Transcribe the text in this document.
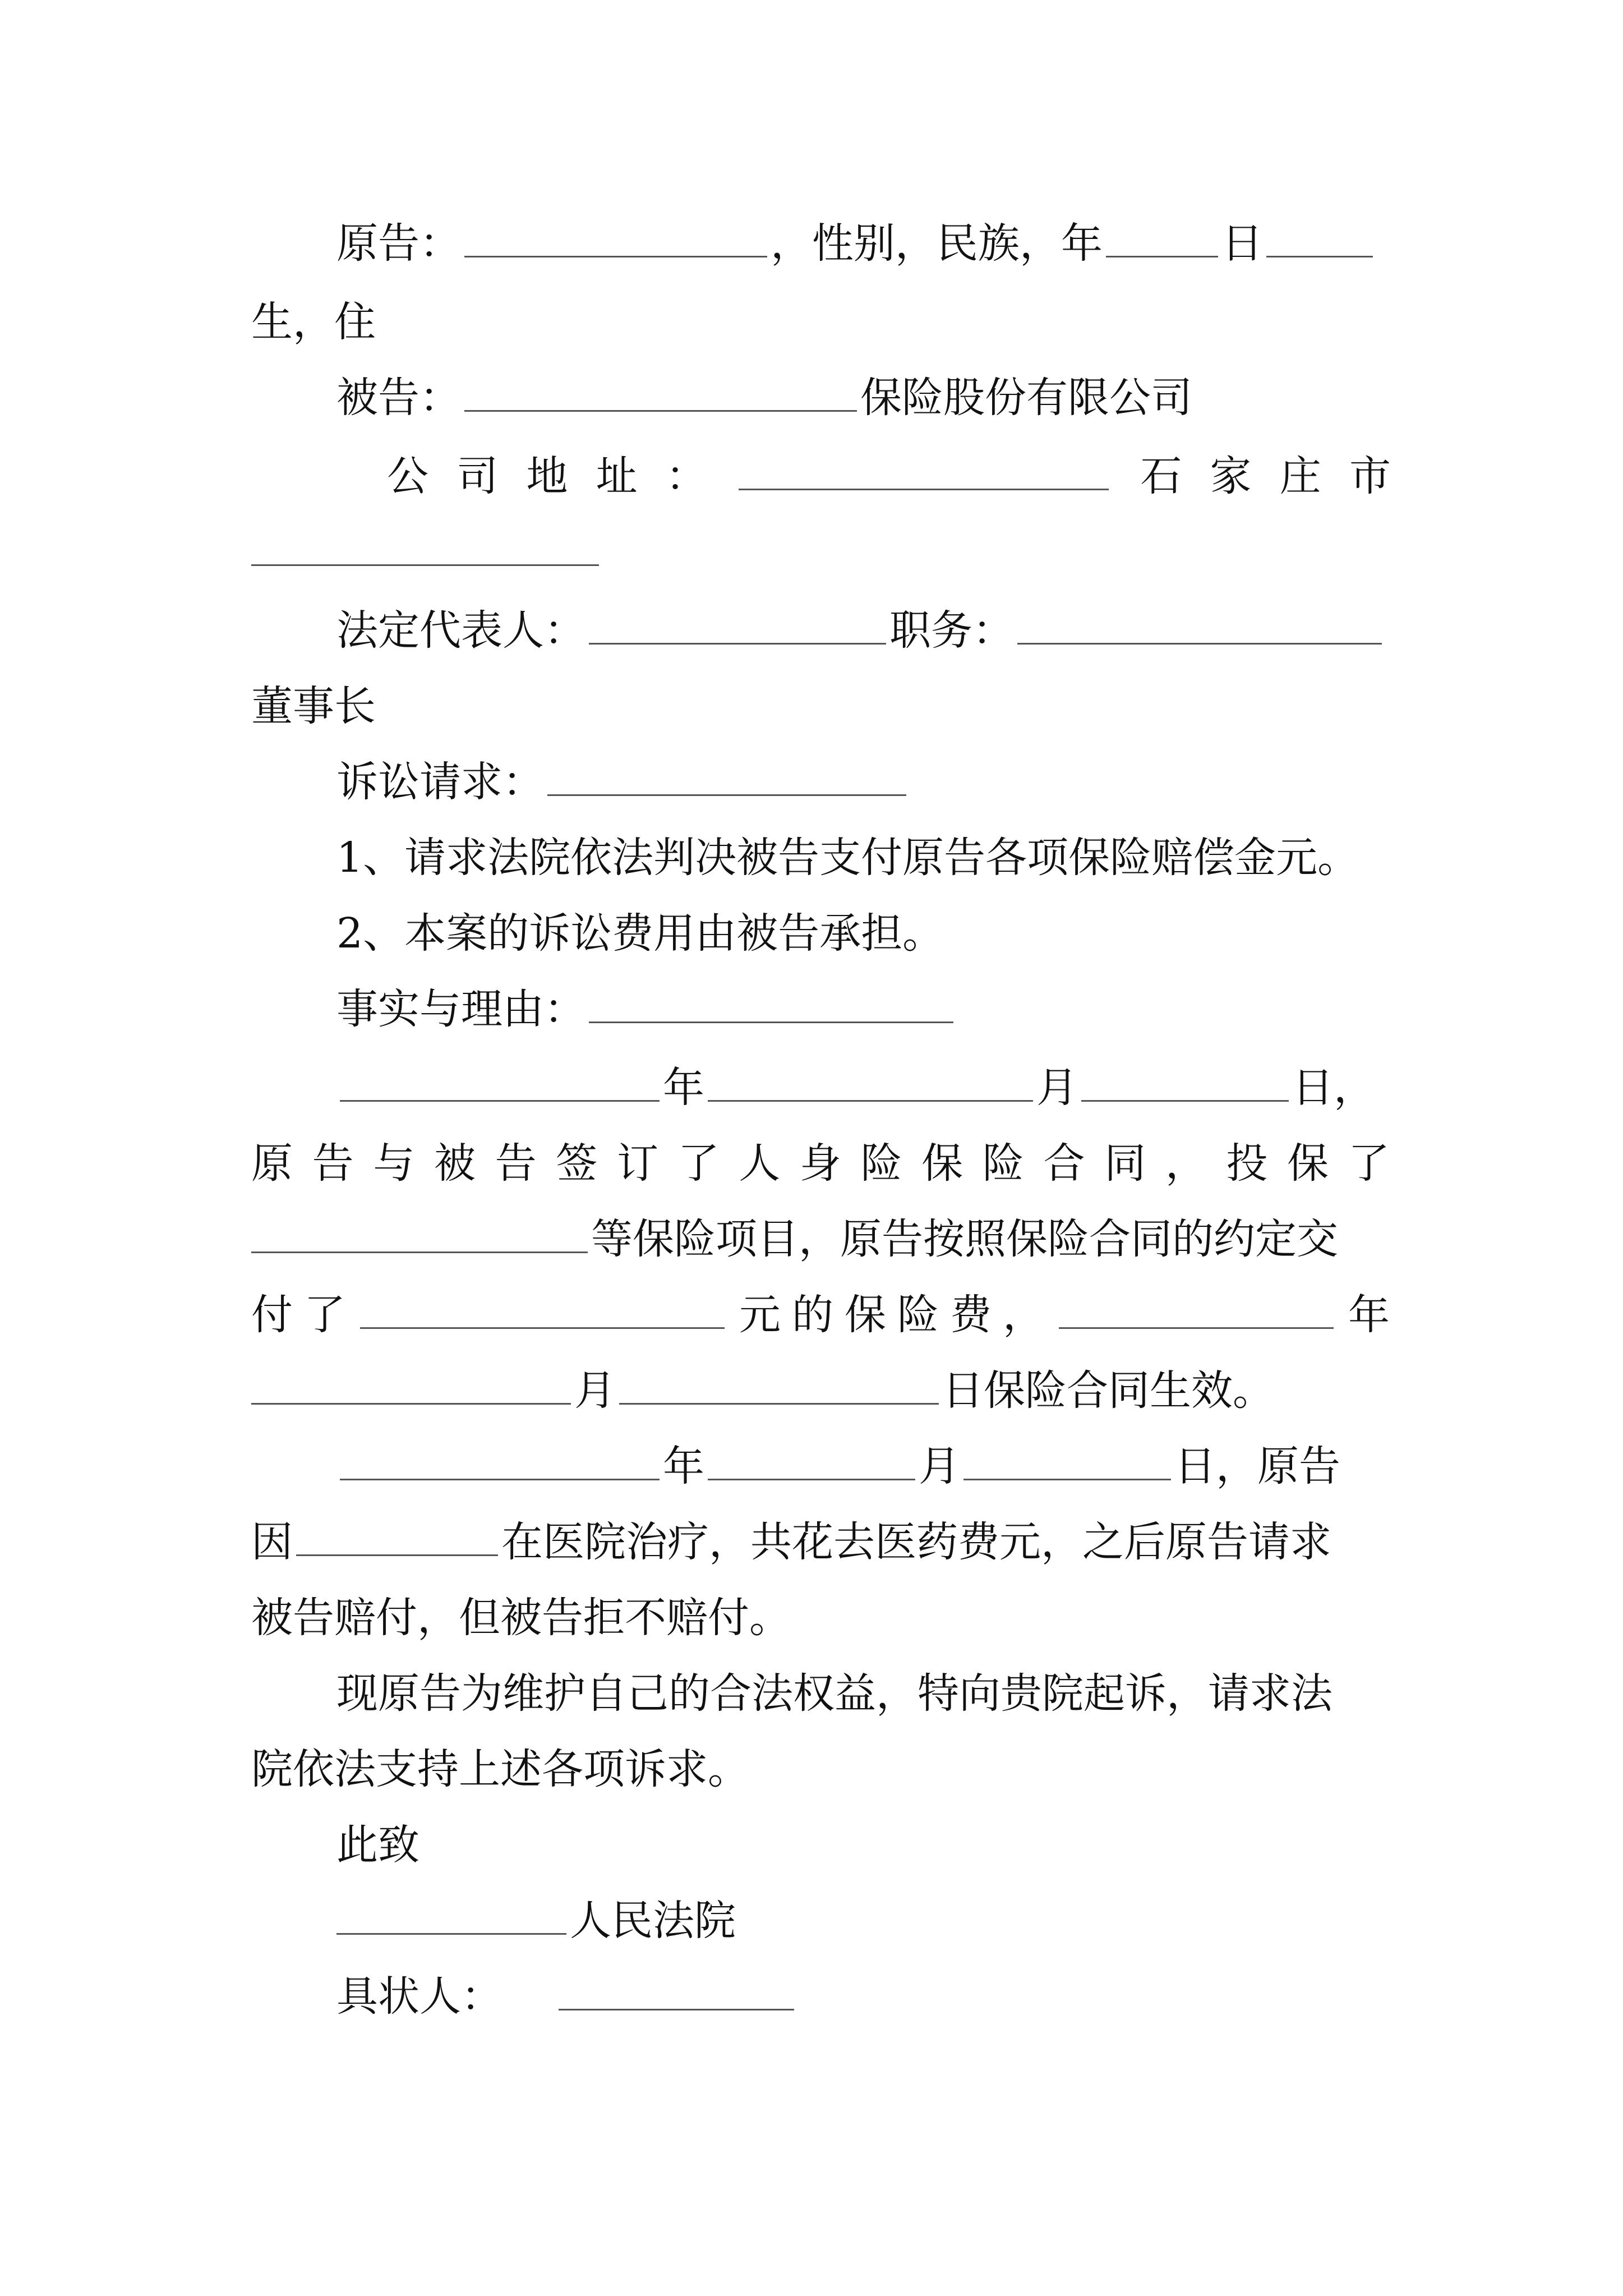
原告：	，性别，民族，年	日
生，住
被告：	保险股份有限公司
公 司 地 址 ：	石 家 庄 市
法定代表人：	职务：
董事长
诉讼请求：
1、请求法院依法判决被告支付原告各项保险赔偿金元。
2、本案的诉讼费用由被告承担。
事实与理由：
年	月	日，
原 告 与 被 告 签 订 了 人 身 险 保 险 合 同 ， 投 保 了
等保险项目，原告按照保险合同的约定交
付 了	元 的 保 险 费 ，	年
月	日保险合同生效。
年	月	日，原告
因	在医院治疗，共花去医药费元，之后原告请求
被告赔付，但被告拒不赔付。
现原告为维护自己的合法权益，特向贵院起诉，请求法
院依法支持上述各项诉求。
此致
人民法院
具状人：
